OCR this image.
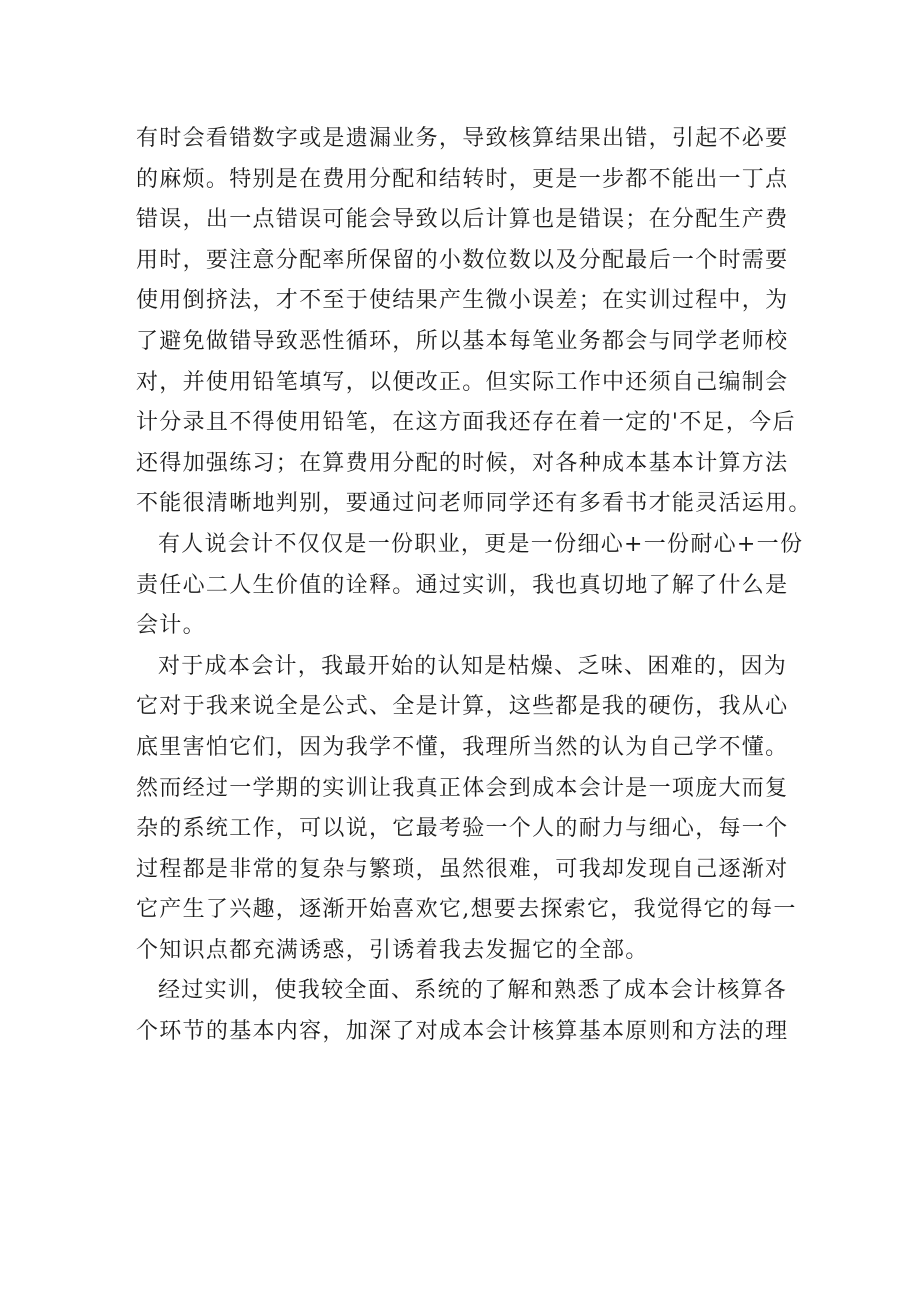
有时会看错数字或是遗漏业务，导致核算结果出错，引起不必要
的麻烦。特别是在费用分配和结转时，更是一步都不能出一丁点
错误，出一点错误可能会导致以后计算也是错误；在分配生产费
用时，要注意分配率所保留的小数位数以及分配最后一个时需要
使用倒挤法，才不至于使结果产生微小误差；在实训过程中，为
了避免做错导致恶性循环，所以基本每笔业务都会与同学老师校
对，并使用铅笔填写，以便改正。但实际工作中还须自己编制会
计分录且不得使用铅笔，在这方面我还存在着一定的'不足，今后
还得加强练习；在算费用分配的时候，对各种成本基本计算方法
不能很清晰地判别，要通过问老师同学还有多看书才能灵活运用。
有人说会计不仅仅是一份职业，更是一份细心+一份耐心+一份
责任心二人生价值的诠释。通过实训，我也真切地了解了什么是
会计。
对于成本会计，我最开始的认知是枯燥、乏味、困难的，因为
它对于我来说全是公式、全是计算，这些都是我的硬伤，我从心
底里害怕它们，因为我学不懂，我理所当然的认为自己学不懂。
然而经过一学期的实训让我真正体会到成本会计是一项庞大而复
杂的系统工作，可以说，它最考验一个人的耐力与细心，每一个
过程都是非常的复杂与繁琐，虽然很难，可我却发现自己逐渐对
它产生了兴趣，逐渐开始喜欢它,想要去探索它，我觉得它的每一
个知识点都充满诱惑，引诱着我去发掘它的全部。
经过实训，使我较全面、系统的了解和熟悉了成本会计核算各
个环节的基本内容，加深了对成本会计核算基本原则和方法的理
